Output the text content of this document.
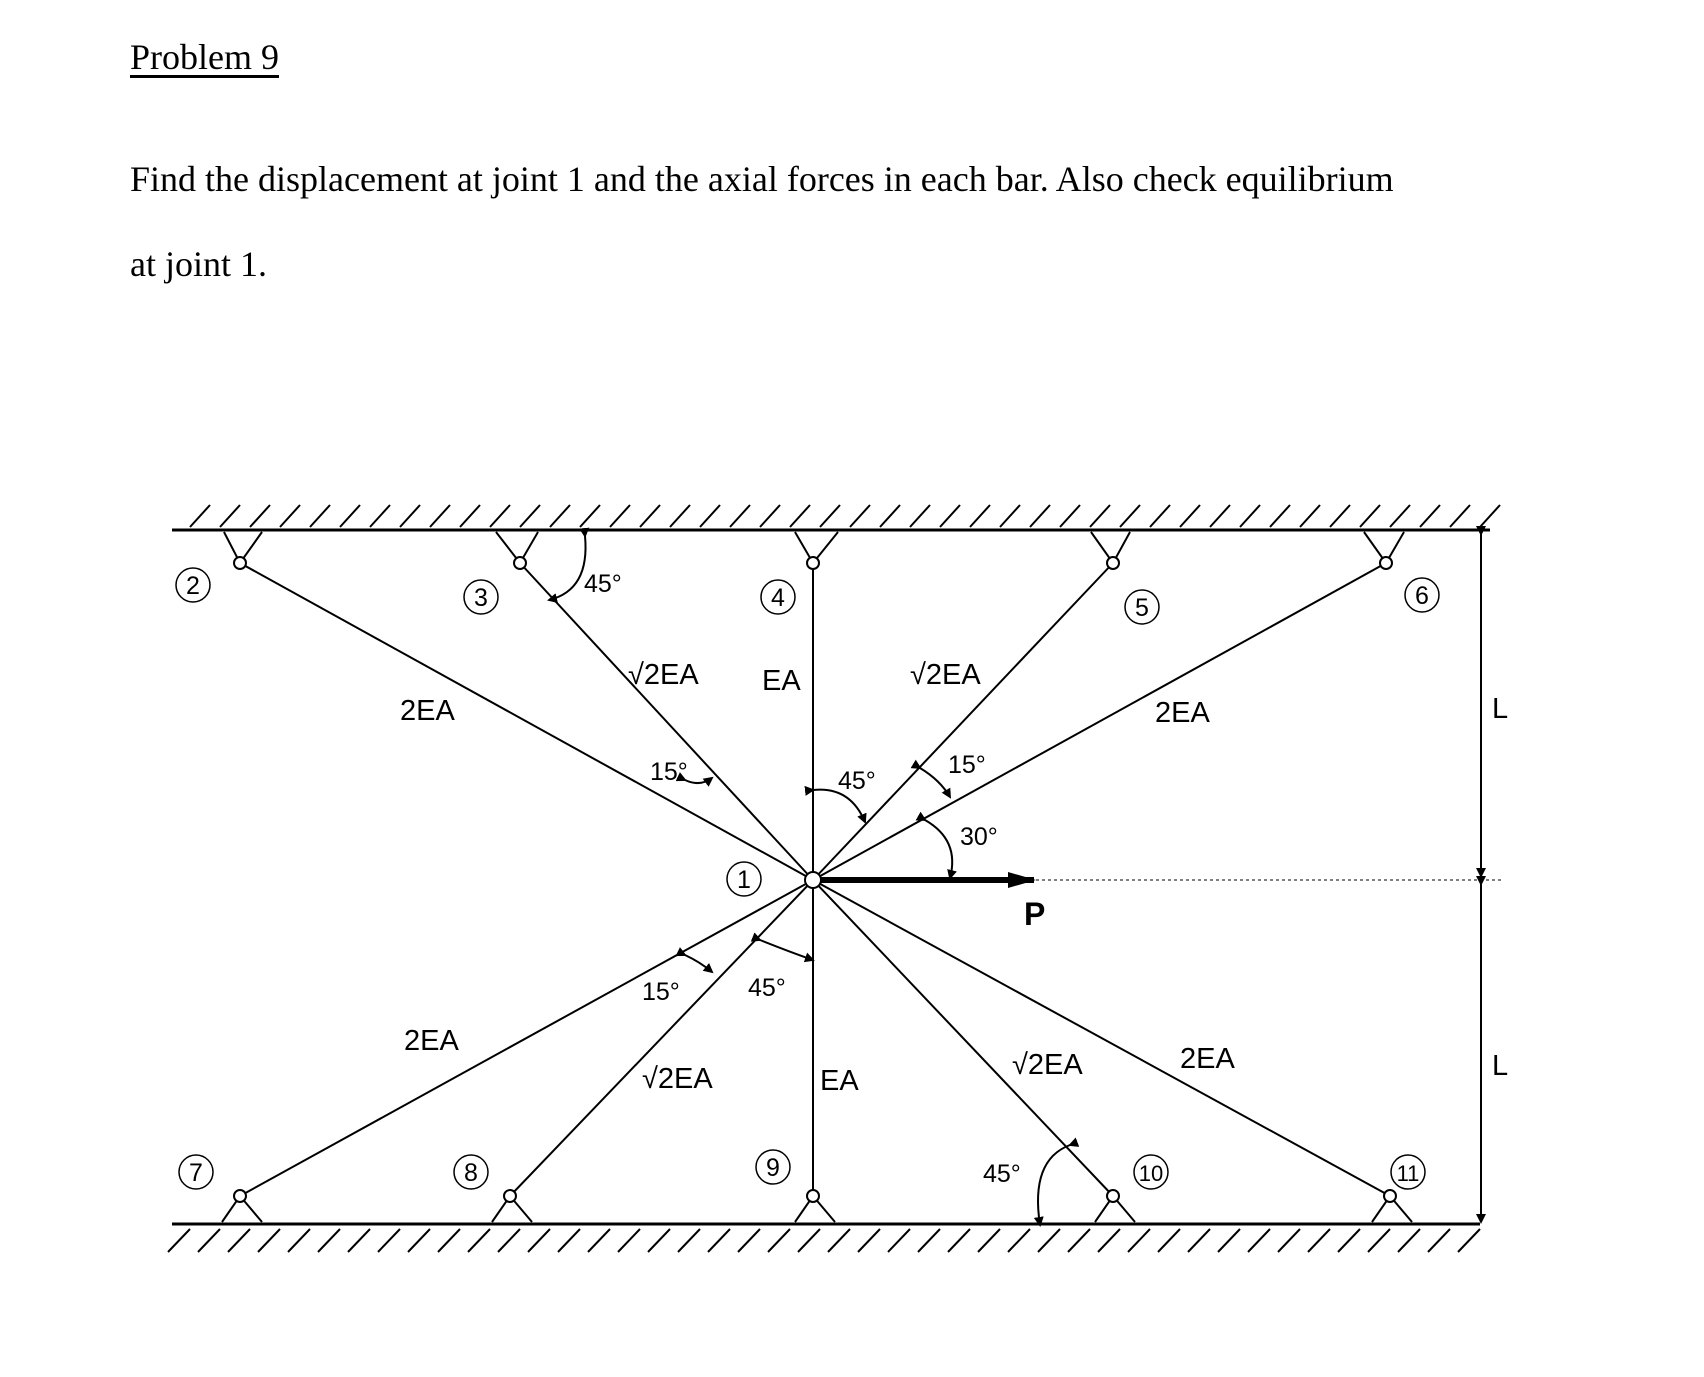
Problem 9
Find the displacement at joint 1 and the axial forces in each bar. Also check equilibrium
at joint 1.
P
L
L
45°
15°	45°
15°
30°
15°	45°
45°
2EA
√2EA EA	√2EA
2EA
2EA
√2EA	EA	√2EA	2EA
2	3	4	5	6
1
7	8	9	10	11
